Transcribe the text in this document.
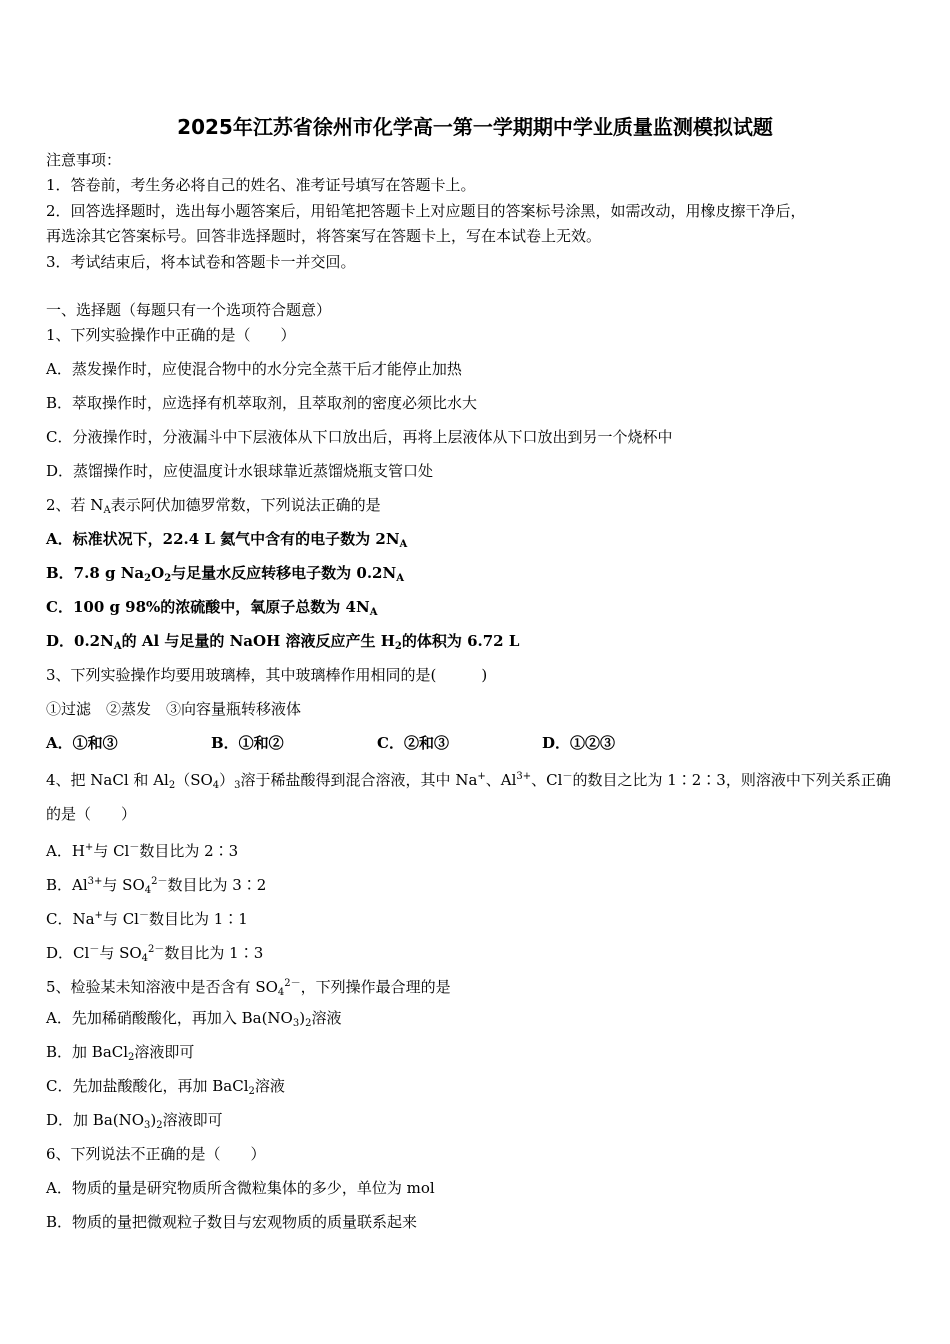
2025年江苏省徐州市化学高一第一学期期中学业质量监测模拟试题
注意事项：
1．答卷前，考生务必将自己的姓名、准考证号填写在答题卡上。
2．回答选择题时，选出每小题答案后，用铅笔把答题卡上对应题目的答案标号涂黑，如需改动，用橡皮擦干净后，
再选涂其它答案标号。回答非选择题时，将答案写在答题卡上，写在本试卷上无效。
3．考试结束后，将本试卷和答题卡一并交回。
一、选择题（每题只有一个选项符合题意）
1、下列实验操作中正确的是（　　）
A．蒸发操作时，应使混合物中的水分完全蒸干后才能停止加热
B．萃取操作时，应选择有机萃取剂，且萃取剂的密度必须比水大
C．分液操作时，分液漏斗中下层液体从下口放出后，再将上层液体从下口放出到另一个烧杯中
D．蒸馏操作时，应使温度计水银球靠近蒸馏烧瓶支管口处
2、若 $N_A$表示阿伏加德罗常数，下列说法正确的是
A．标准状况下，22.4 L 氦气中含有的电子数为 $2N_A$
B．7.8 g $Na_2O_2$与足量水反应转移电子数为 $0.2N_A$
C．100 g 98%的浓硫酸中，氧原子总数为 $4N_A$
D．$0.2N_A$的 Al 与足量的 NaOH 溶液反应产生 $H_2$的体积为 6.72 L
3、下列实验操作均要用玻璃棒，其中玻璃棒作用相同的是(　　　)
①过滤　②蒸发　③向容量瓶转移液体
A．①和③	B．①和②	C．②和③	D．①②③
4、把 NaCl 和 $Al_2(SO_4)_3$溶于稀盐酸得到混合溶液，其中 Na+、$Al^{3+}$、Cl－的数目之比为 1∶2∶3，则溶液中下列关系正确
的是（　　）
A．H+与 Cl－数目比为 2∶3
B．$Al^{3+}$与 $SO_4^{2-}$数目比为 3∶2
C．Na+与 Cl－数目比为 1∶1
D．Cl－与 $SO_4^{2-}$数目比为 1∶3
5、检验某未知溶液中是否含有 $SO_4^{2-}$，下列操作最合理的是
A．先加稀硝酸酸化，再加入 $Ba(NO_3)_2$溶液
B．加 BaCl$_2$溶液即可
C．先加盐酸酸化，再加 BaCl$_2$溶液
D．加 $Ba(NO_3)_2$溶液即可
6、下列说法不正确的是（　　）
A．物质的量是研究物质所含微粒集体的多少，单位为 mol
B．物质的量把微观粒子数目与宏观物质的质量联系起来
